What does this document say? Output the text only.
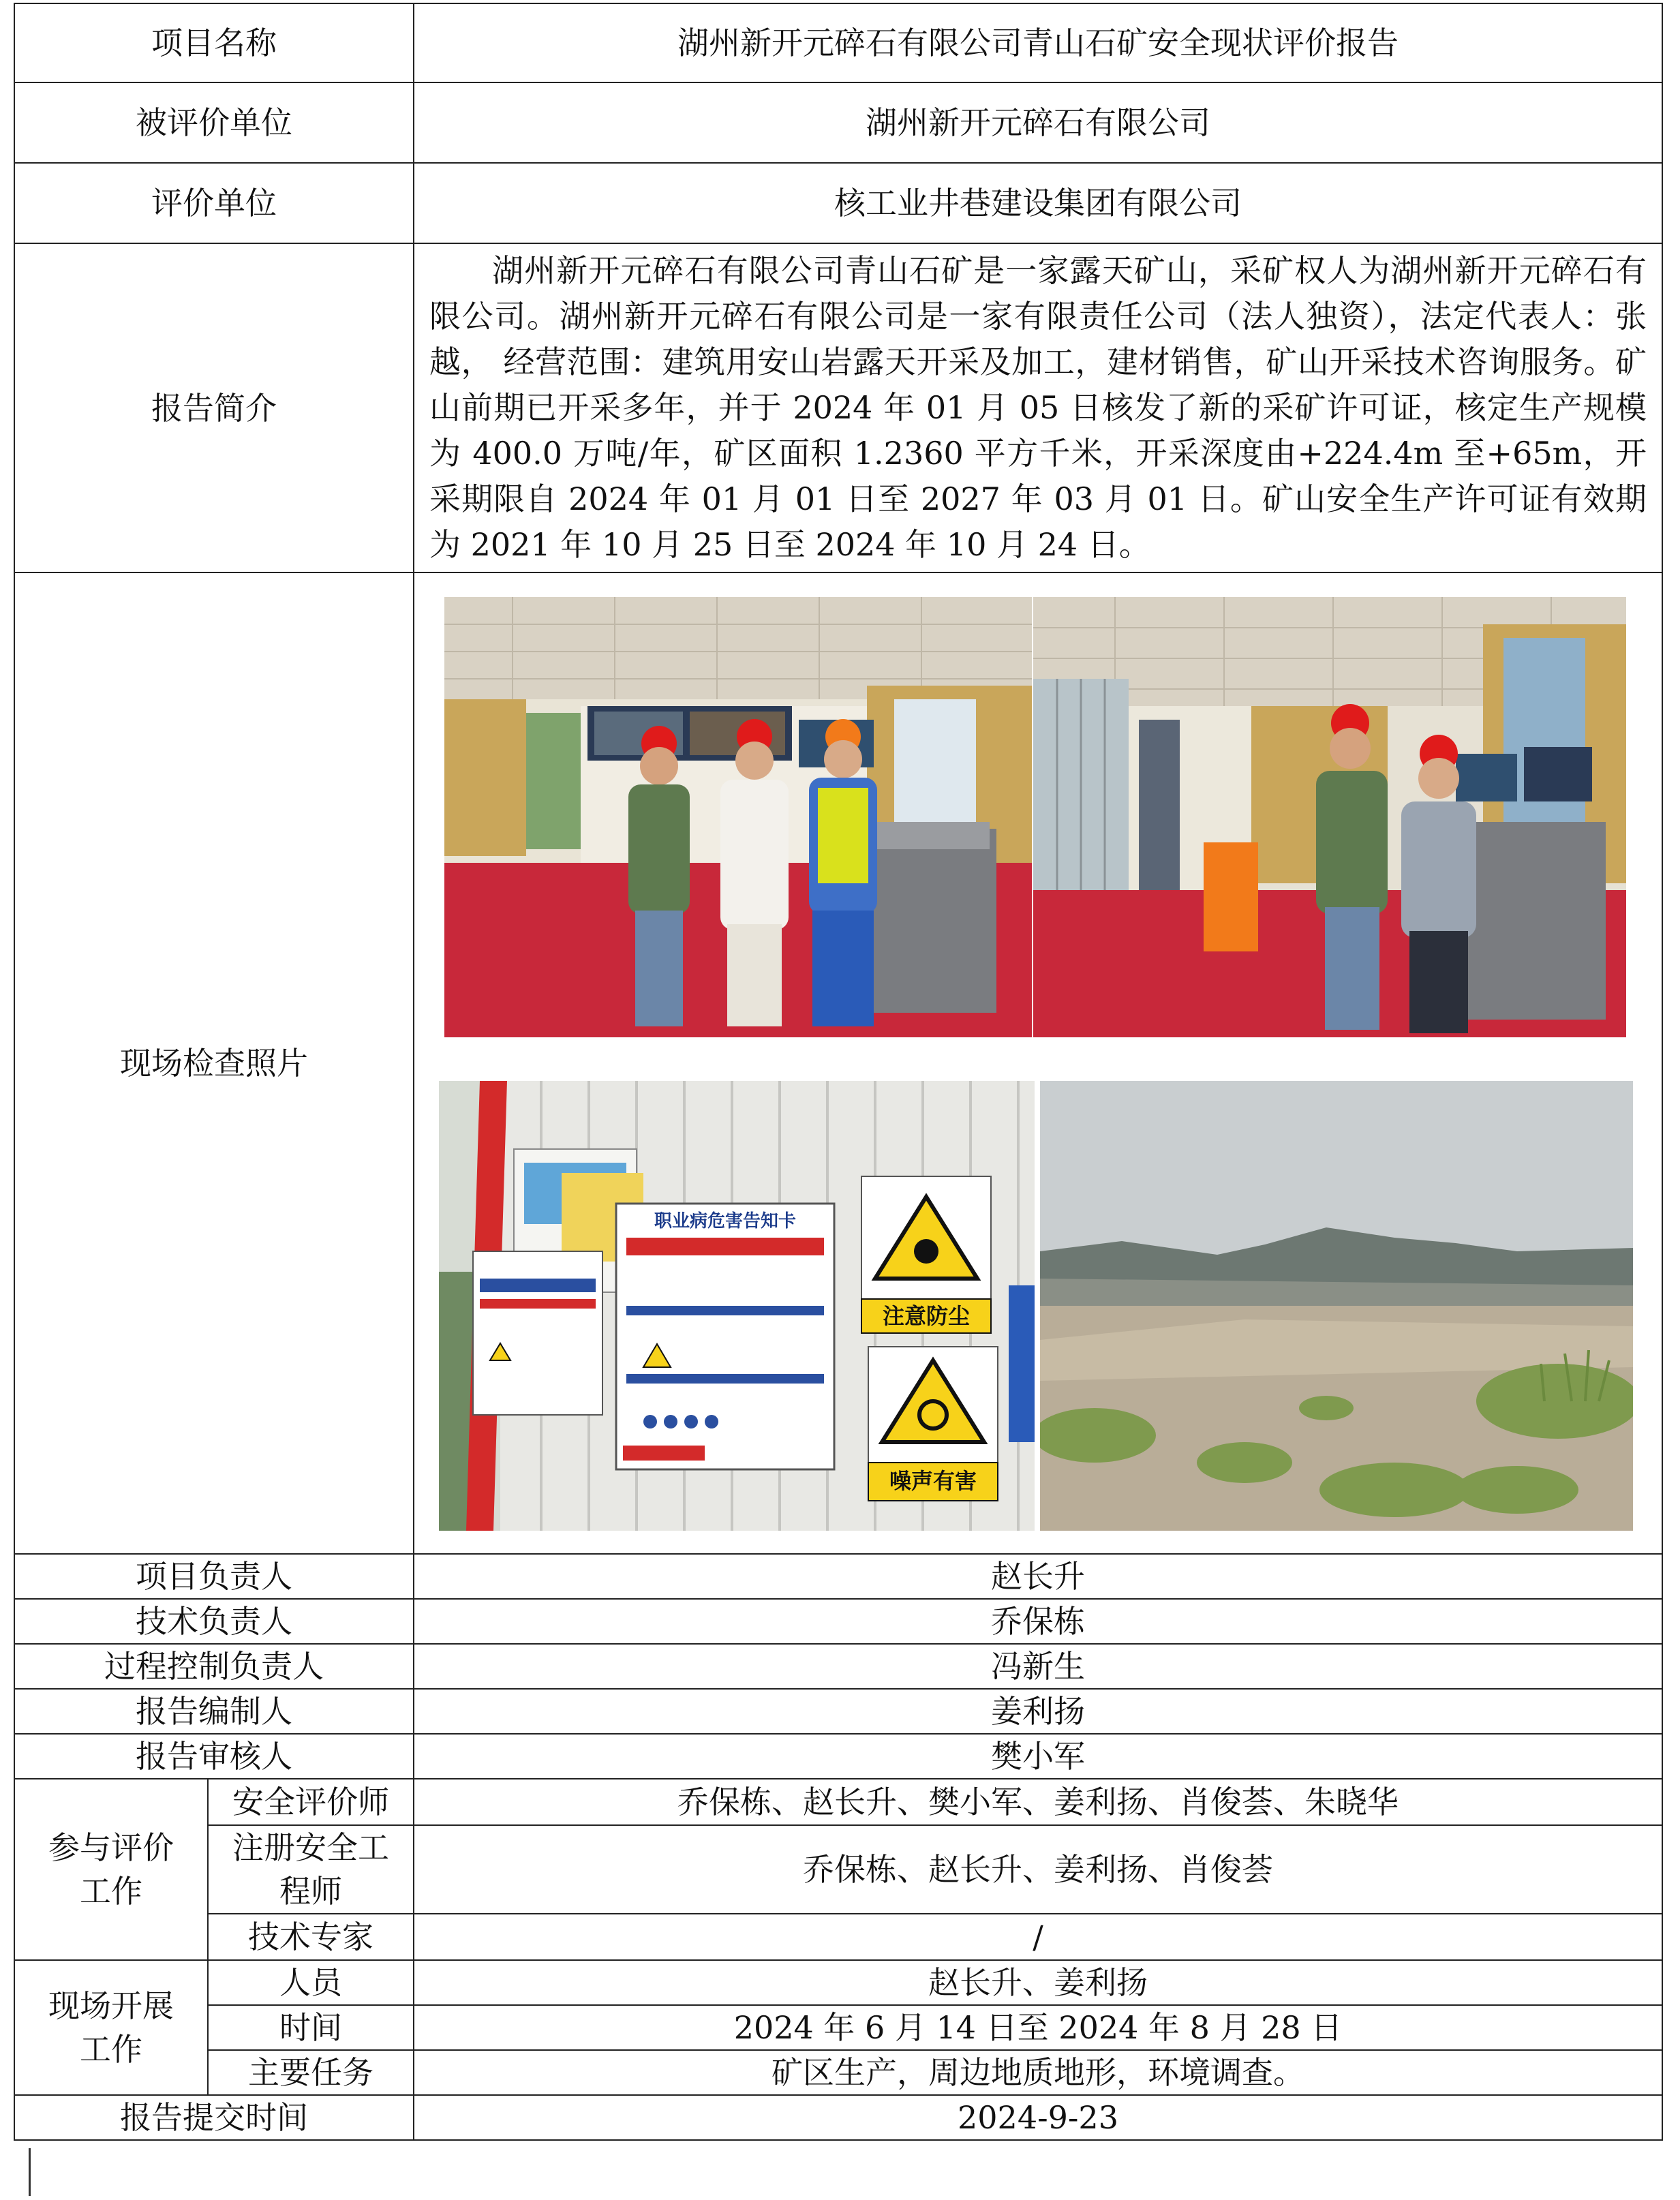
项目名称		湖州新开元碎石有限公司青山石矿安全现状评价报告
被评价单位		湖州新开元碎石有限公司
评价单位		核工业井巷建设集团有限公司
报告简介		湖州新开元碎石有限公司青山石矿是一家露天矿山，采矿权人为湖州新开元碎石有限公司。湖州新开元碎石有限公司是一家有限责任公司（法人独资），法定代表人：张越， 经营范围：建筑用安山岩露天开采及加工，建材销售，矿山开采技术咨询服务。矿山前期已开采多年，并于 2024 年 01 月 05 日核发了新的采矿许可证，核定生产规模为 400.0 万吨/年，矿区面积 1.2360 平方千米，开采深度由+224.4m 至+65m，开采期限自 2024 年 01 月 01 日至 2027 年 03 月 01 日。矿山安全生产许可证有效期为 2021 年 10 月 25 日至 2024 年 10 月 24 日。

现场检查照片		职业病危害告知卡
注意防尘
噪声有害

项目负责人		赵长升
技术负责人		乔保栋
过程控制负责人		冯新生
报告编制人		姜利扬
报告审核人		樊小军
参与评价工作	安全评价师	乔保栋、赵长升、樊小军、姜利扬、肖俊荟、朱晓华
	注册安全工程师	乔保栋、赵长升、姜利扬、肖俊荟
	技术专家	/
现场开展工作	人员	赵长升、姜利扬
	时间	2024 年 6 月 14 日至 2024 年 8 月 28 日
	主要任务	矿区生产，周边地质地形，环境调查。
报告提交时间		2024-9-23
